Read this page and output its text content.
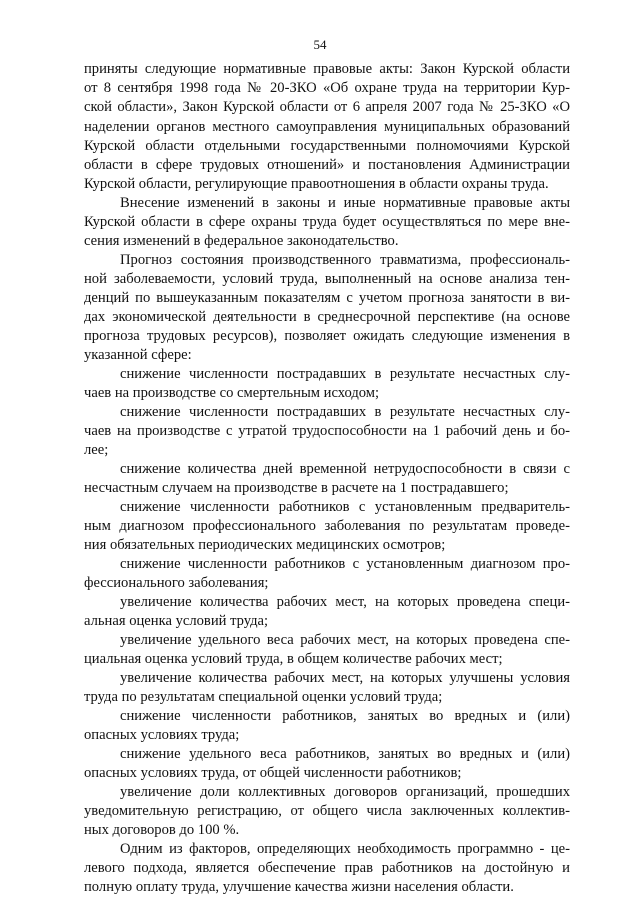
54
приняты следующие нормативные правовые акты: Закон Курской области
от 8 сентября 1998 года № 20-ЗКО «Об охране труда на территории Кур-
ской области», Закон Курской области от 6 апреля 2007 года № 25-ЗКО «О
наделении органов местного самоуправления муниципальных образований
Курской области отдельными государственными полномочиями Курской
области в сфере трудовых отношений» и постановления Администрации
Курской области, регулирующие правоотношения в области охраны труда.
Внесение изменений в законы и иные нормативные правовые акты
Курской области в сфере охраны труда будет осуществляться по мере вне-
сения изменений в федеральное законодательство.
Прогноз состояния производственного травматизма, профессиональ-
ной заболеваемости, условий труда, выполненный на основе анализа тен-
денций по вышеуказанным показателям с учетом прогноза занятости в ви-
дах экономической деятельности в среднесрочной перспективе (на основе
прогноза трудовых ресурсов), позволяет ожидать следующие изменения в
указанной сфере:
снижение численности пострадавших в результате несчастных слу-
чаев на производстве со смертельным исходом;
снижение численности пострадавших в результате несчастных слу-
чаев на производстве с утратой трудоспособности на 1 рабочий день и бо-
лее;
снижение количества дней временной нетрудоспособности в связи с
несчастным случаем на производстве в расчете на 1 пострадавшего;
снижение численности работников с установленным предваритель-
ным диагнозом профессионального заболевания по результатам проведе-
ния обязательных периодических медицинских осмотров;
снижение численности работников с установленным диагнозом про-
фессионального заболевания;
увеличение количества рабочих мест, на которых проведена специ-
альная оценка условий труда;
увеличение удельного веса рабочих мест, на которых проведена спе-
циальная оценка условий труда, в общем количестве рабочих мест;
увеличение количества рабочих мест, на которых улучшены условия
труда по результатам специальной оценки условий труда;
снижение численности работников, занятых во вредных и (или)
опасных условиях труда;
снижение удельного веса работников, занятых во вредных и (или)
опасных условиях труда, от общей численности работников;
увеличение доли коллективных договоров организаций, прошедших
уведомительную регистрацию, от общего числа заключенных коллектив-
ных договоров до 100 %.
Одним из факторов, определяющих необходимость программно - це-
левого подхода, является обеспечение прав работников на достойную и
полную оплату труда, улучшение качества жизни населения области.
